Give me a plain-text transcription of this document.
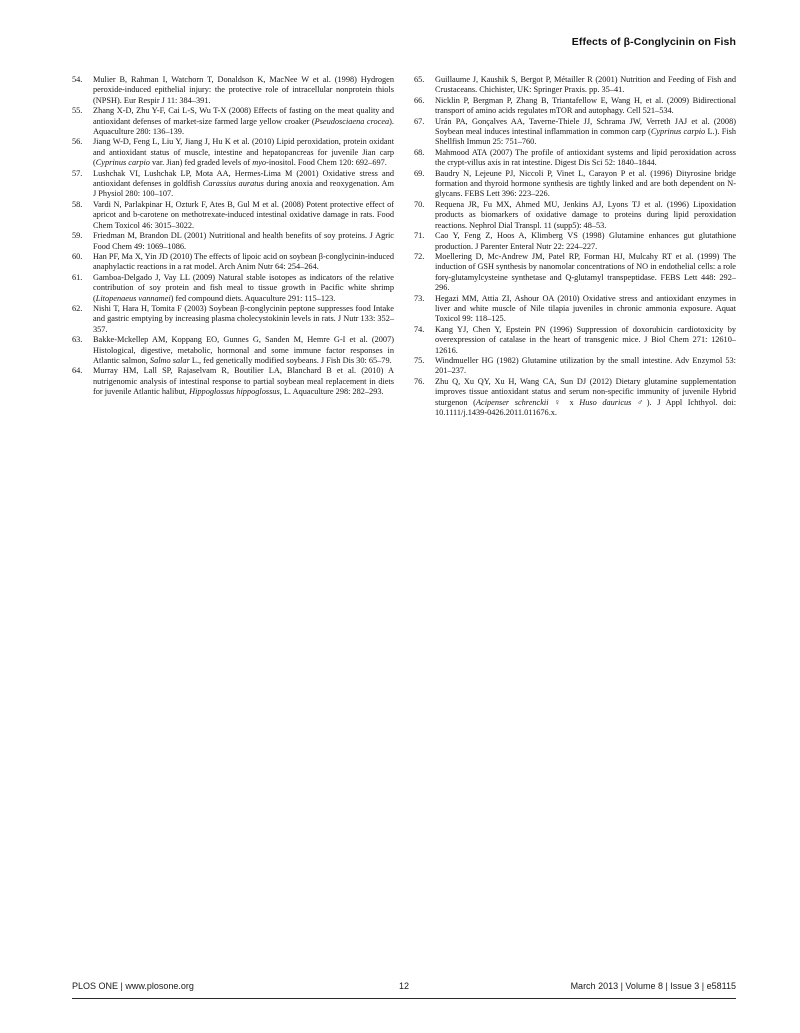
Effects of β-Conglycinin on Fish
54.	Mulier B, Rahman I, Watchorn T, Donaldson K, MacNee W et al. (1998) Hydrogen peroxide-induced epithelial injury: the protective role of intracellular nonprotein thiols (NPSH). Eur Respir J 11: 384–391.
55.	Zhang X-D, Zhu Y-F, Cai L-S, Wu T-X (2008) Effects of fasting on the meat quality and antioxidant defenses of market-size farmed large yellow croaker (Pseudosciaena crocea). Aquaculture 280: 136–139.
56.	Jiang W-D, Feng L, Liu Y, Jiang J, Hu K et al. (2010) Lipid peroxidation, protein oxidant and antioxidant status of muscle, intestine and hepatopancreas for juvenile Jian carp (Cyprinus carpio var. Jian) fed graded levels of myo-inositol. Food Chem 120: 692–697.
57.	Lushchak VI, Lushchak LP, Mota AA, Hermes-Lima M (2001) Oxidative stress and antioxidant defenses in goldfish Carassius auratus during anoxia and reoxygenation. Am J Physiol 280: 100–107.
58.	Vardi N, Parlakpinar H, Ozturk F, Ates B, Gul M et al. (2008) Potent protective effect of apricot and b-carotene on methotrexate-induced intestinal oxidative damage in rats. Food Chem Toxicol 46: 3015–3022.
59.	Friedman M, Brandon DL (2001) Nutritional and health benefits of soy proteins. J Agric Food Chem 49: 1069–1086.
60.	Han PF, Ma X, Yin JD (2010) The effects of lipoic acid on soybean β-conglycinin-induced anaphylactic reactions in a rat model. Arch Anim Nutr 64: 254–264.
61.	Gamboa-Delgado J, Vay LL (2009) Natural stable isotopes as indicators of the relative contribution of soy protein and fish meal to tissue growth in Pacific white shrimp (Litopenaeus vannamei) fed compound diets. Aquaculture 291: 115–123.
62.	Nishi T, Hara H, Tomita F (2003) Soybean β-conglycinin peptone suppresses food Intake and gastric emptying by increasing plasma cholecystokinin levels in rats. J Nutr 133: 352–357.
63.	Bakke-Mckellep AM, Koppang EO, Gunnes G, Sanden M, Hemre G-I et al. (2007) Histological, digestive, metabolic, hormonal and some immune factor responses in Atlantic salmon, Salmo salar L., fed genetically modified soybeans. J Fish Dis 30: 65–79.
64.	Murray HM, Lall SP, Rajaselvam R, Boutilier LA, Blanchard B et al. (2010) A nutrigenomic analysis of intestinal response to partial soybean meal replacement in diets for juvenile Atlantic halibut, Hippoglossus hippoglossus, L. Aquaculture 298: 282–293.
65.	Guillaume J, Kaushik S, Bergot P, Métailler R (2001) Nutrition and Feeding of Fish and Crustaceans. Chichister, UK: Springer Praxis. pp. 35–41.
66.	Nicklin P, Bergman P, Zhang B, Triantafellow E, Wang H, et al. (2009) Bidirectional transport of amino acids regulates mTOR and autophagy. Cell 521–534.
67.	Urán PA, Gonçalves AA, Taverne-Thiele JJ, Schrama JW, Verreth JAJ et al. (2008) Soybean meal induces intestinal inflammation in common carp (Cyprinus carpio L.). Fish Shellfish Immun 25: 751–760.
68.	Mahmood ATA (2007) The profile of antioxidant systems and lipid peroxidation across the crypt-villus axis in rat intestine. Digest Dis Sci 52: 1840–1844.
69.	Baudry N, Lejeune PJ, Niccoli P, Vinet L, Carayon P et al. (1996) Dityrosine bridge formation and thyroid hormone synthesis are tightly linked and are both dependent on N-glycans. FEBS Lett 396: 223–226.
70.	Requena JR, Fu MX, Ahmed MU, Jenkins AJ, Lyons TJ et al. (1996) Lipoxidation products as biomarkers of oxidative damage to proteins during lipid peroxidation reactions. Nephrol Dial Transpl. 11 (supp5): 48–53.
71.	Cao Y, Feng Z, Hoos A, Klimberg VS (1998) Glutamine enhances gut glutathione production. J Parenter Enteral Nutr 22: 224–227.
72.	Moellering D, Mc-Andrew JM, Patel RP, Forman HJ, Mulcahy RT et al. (1999) The induction of GSH synthesis by nanomolar concentrations of NO in endothelial cells: a role forγ-glutamylcysteine synthetase and Q-glutamyl transpeptidase. FEBS Lett 448: 292–296.
73.	Hegazi MM, Attia ZI, Ashour OA (2010) Oxidative stress and antioxidant enzymes in liver and white muscle of Nile tilapia juveniles in chronic ammonia exposure. Aquat Toxicol 99: 118–125.
74.	Kang YJ, Chen Y, Epstein PN (1996) Suppression of doxorubicin cardiotoxicity by overexpression of catalase in the heart of transgenic mice. J Biol Chem 271: 12610–12616.
75.	Windmueller HG (1982) Glutamine utilization by the small intestine. Adv Enzymol 53: 201–237.
76.	Zhu Q, Xu QY, Xu H, Wang CA, Sun DJ (2012) Dietary glutamine supplementation improves tissue antioxidant status and serum non-specific immunity of juvenile Hybrid sturgenon (Acipenser schrenckii ♀ x Huso dauricus ♂). J Appl Ichthyol. doi: 10.1111/j.1439-0426.2011.011676.x.
PLOS ONE | www.plosone.org	12	March 2013 | Volume 8 | Issue 3 | e58115
